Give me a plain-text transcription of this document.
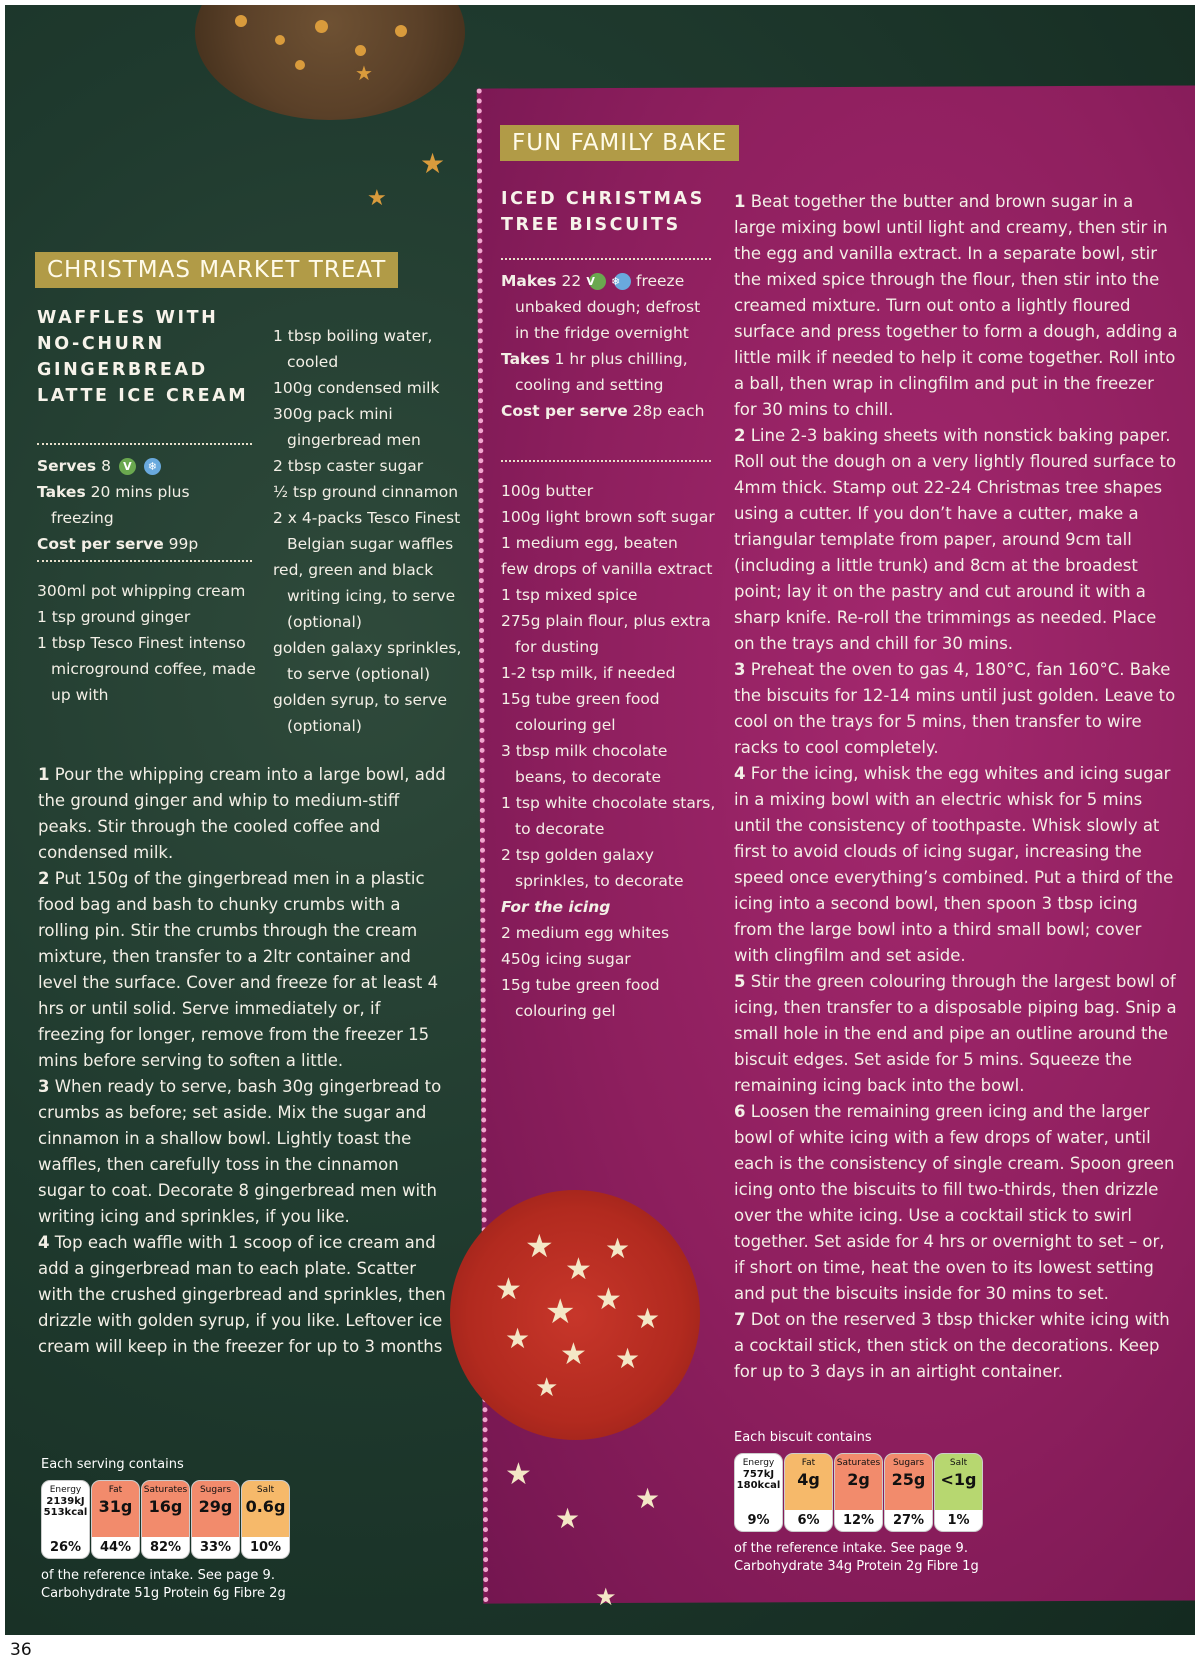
★
★
★
★
★
★
★
★ ★
★
★ ★ ★
★
★
★
★
★
CHRISTMAS MARKET TREAT
WAFFLES WITH
NO-CHURN
GINGERBREAD
LATTE ICE CREAM
Serves 8 V ❄
Takes 20 mins plus freezing
Cost per serve 99p
300ml pot whipping cream
1 tsp ground ginger
1 tbsp Tesco Finest intenso microground coffee, made up with
1 tbsp boiling water, cooled
100g condensed milk
300g pack mini gingerbread men
2 tbsp caster sugar
½ tsp ground cinnamon
2 x 4-packs Tesco Finest Belgian sugar waffles
red, green and black writing icing, to serve (optional)
golden galaxy sprinkles, to serve (optional)
golden syrup, to serve (optional)

1 Pour the whipping cream into a large bowl, add the ground ginger and whip to medium-stiff peaks. Stir through the cooled coffee and condensed milk.

2 Put 150g of the gingerbread men in a plastic food bag and bash to chunky crumbs with a rolling pin. Stir the crumbs through the cream mixture, then transfer to a 2ltr container and level the surface. Cover and freeze for at least 4 hrs or until solid. Serve immediately or, if freezing for longer, remove from the freezer 15 mins before serving to soften a little.

3 When ready to serve, bash 30g gingerbread to crumbs as before; set aside. Mix the sugar and cinnamon in a shallow bowl. Lightly toast the waffles, then carefully toss in the cinnamon sugar to coat. Decorate 8 gingerbread men with writing icing and sprinkles, if you like.

4 Top each waffle with 1 scoop of ice cream and add a gingerbread man to each plate. Scatter with the crushed gingerbread and sprinkles, then drizzle with golden syrup, if you like. Leftover ice cream will keep in the freezer for up to 3 months

Each serving contains
Energy
2139kJ
513kcal
26%
Fat
31g
44%
Saturates
16g
82%
Sugars
29g
33%
Salt
0.6g
10%
of the reference intake. See page 9.
Carbohydrate 51g Protein 6g Fibre 2g
FUN FAMILY BAKE
ICED CHRISTMAS
TREE BISCUITS
Makes 22 V ❄ freeze unbaked dough; defrost in the fridge overnight
Takes 1 hr plus chilling, cooling and setting
Cost per serve 28p each
100g butter
100g light brown soft sugar
1 medium egg, beaten
few drops of vanilla extract
1 tsp mixed spice
275g plain flour, plus extra for dusting
1-2 tsp milk, if needed
15g tube green food colouring gel
3 tbsp milk chocolate beans, to decorate
1 tsp white chocolate stars, to decorate
2 tsp golden galaxy sprinkles, to decorate
For the icing
2 medium egg whites
450g icing sugar
15g tube green food colouring gel

1 Beat together the butter and brown sugar in a large mixing bowl until light and creamy, then stir in the egg and vanilla extract. In a separate bowl, stir the mixed spice through the flour, then stir into the creamed mixture. Turn out onto a lightly floured surface and press together to form a dough, adding a little milk if needed to help it come together. Roll into a ball, then wrap in clingfilm and put in the freezer for 30 mins to chill.

2 Line 2-3 baking sheets with nonstick baking paper. Roll out the dough on a very lightly floured surface to 4mm thick. Stamp out 22-24 Christmas tree shapes using a cutter. If you don’t have a cutter, make a triangular template from paper, around 9cm tall (including a little trunk) and 8cm at the broadest point; lay it on the pastry and cut around it with a sharp knife. Re-roll the trimmings as needed. Place on the trays and chill for 30 mins.

3 Preheat the oven to gas 4, 180°C, fan 160°C. Bake the biscuits for 12-14 mins until just golden. Leave to cool on the trays for 5 mins, then transfer to wire racks to cool completely.

4 For the icing, whisk the egg whites and icing sugar in a mixing bowl with an electric whisk for 5 mins until the consistency of toothpaste. Whisk slowly at first to avoid clouds of icing sugar, increasing the speed once everything’s combined. Put a third of the icing into a second bowl, then spoon 3 tbsp icing from the large bowl into a third small bowl; cover with clingfilm and set aside.

5 Stir the green colouring through the largest bowl of icing, then transfer to a disposable piping bag. Snip a small hole in the end and pipe an outline around the biscuit edges. Set aside for 5 mins. Squeeze the remaining icing back into the bowl.

6 Loosen the remaining green icing and the larger bowl of white icing with a few drops of water, until each is the consistency of single cream. Spoon green icing onto the biscuits to fill two-thirds, then drizzle over the white icing. Use a cocktail stick to swirl together. Set aside for 4 hrs or overnight to set – or, if short on time, heat the oven to its lowest setting and put the biscuits inside for 30 mins to set.

7 Dot on the reserved 3 tbsp thicker white icing with a cocktail stick, then stick on the decorations. Keep for up to 3 days in an airtight container.

Each biscuit contains
Energy
757kJ
180kcal
9%
Fat
4g
6%
Saturates
2g
12%
Sugars
25g
27%
Salt
<1g
1%
of the reference intake. See page 9.
Carbohydrate 34g Protein 2g Fibre 1g
36
